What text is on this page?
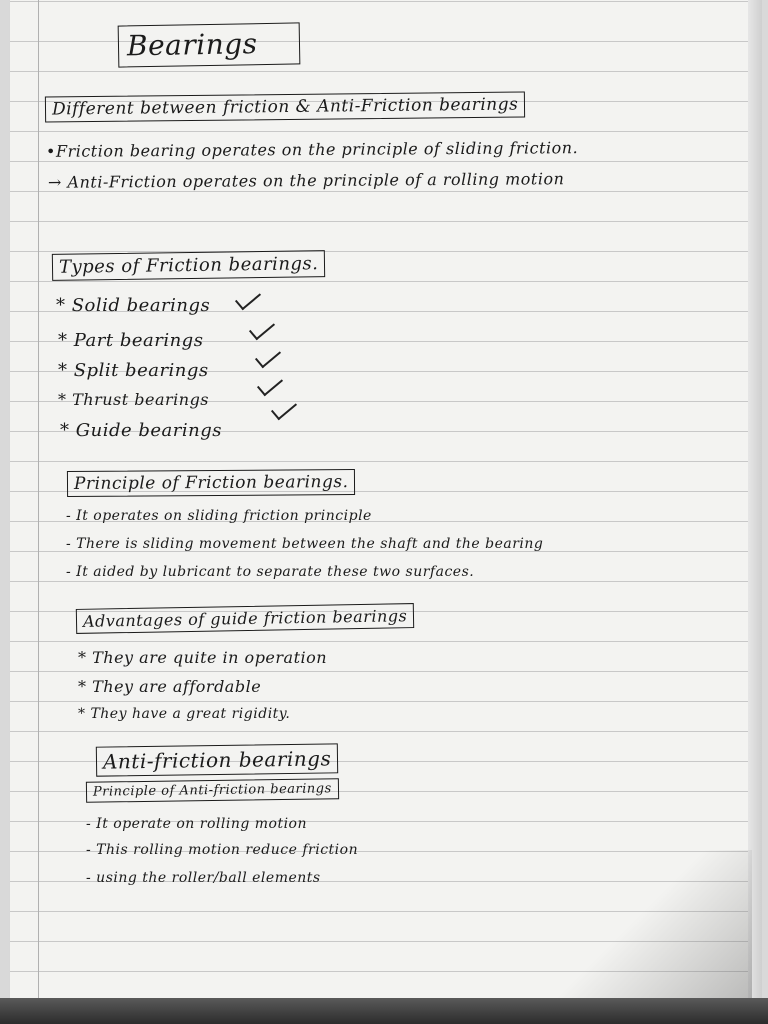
Bearings
Different between friction & Anti-Friction bearings
•Friction bearing operates on the principle of sliding friction.
→ Anti-Friction operates on the principle of a rolling motion
Types of Friction bearings.
* Solid bearings
* Part bearings
* Split bearings
* Thrust bearings
* Guide bearings
Principle of Friction bearings.
- It operates on sliding friction principle
- There is sliding movement between the shaft and the bearing
- It aided by lubricant to separate these two surfaces.
Advantages of guide friction bearings
* They are quite in operation
* They are affordable
* They have a great rigidity.
Anti-friction bearings
Principle of Anti-friction bearings
- It operate on rolling motion
- This rolling motion reduce friction
- using the roller/ball elements
